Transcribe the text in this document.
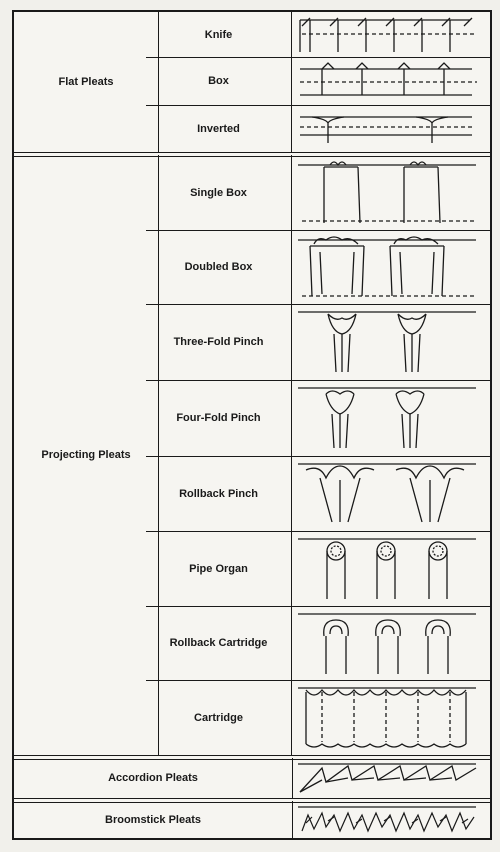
Flat Pleats
Knife
Box
Inverted
Projecting Pleats
Single Box
Doubled Box
Three-Fold Pinch
Four-Fold Pinch
Rollback Pinch
Pipe Organ
Rollback Cartridge
Cartridge
Accordion Pleats
Broomstick Pleats
